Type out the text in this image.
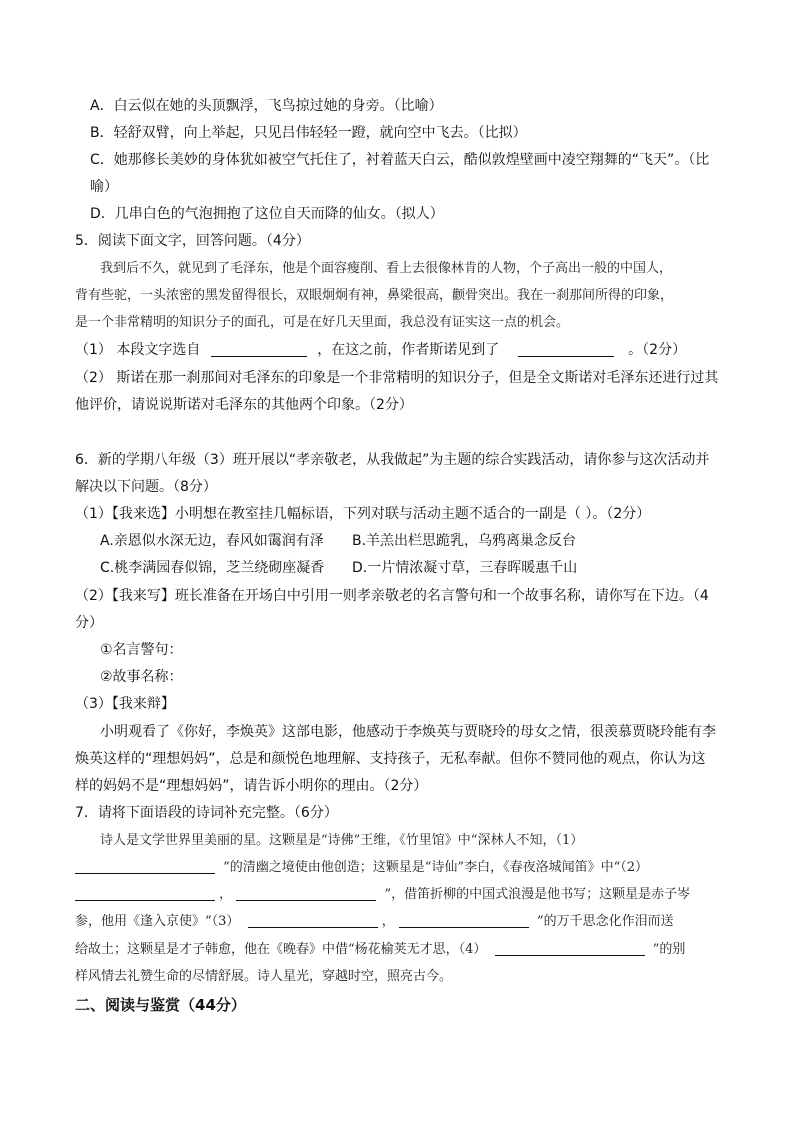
A．白云似在她的头顶飘浮，飞鸟掠过她的身旁。（比喻）
B．轻舒双臂，向上举起，只见吕伟轻轻一蹬，就向空中飞去。（比拟）
C．她那修长美妙的身体犹如被空气托住了，衬着蓝天白云，酷似敦煌壁画中凌空翔舞的“飞天”。（比
喻）
D．几串白色的气泡拥抱了这位自天而降的仙女。（拟人）
5．阅读下面文字，回答问题。（4分）
我到后不久，就见到了毛泽东，他是个面容瘦削、看上去很像林肯的人物，个子高出一般的中国人，
背有些驼，一头浓密的黑发留得很长，双眼炯炯有神，鼻梁很高，颧骨突出。我在一刹那间所得的印象，
是一个非常精明的知识分子的面孔，可是在好几天里面，我总没有证实这一点的机会。
（1） 本段文字选自	，在这之前，作者斯诺见到了	。（2分）
（2） 斯诺在那一刹那间对毛泽东的印象是一个非常精明的知识分子，但是全文斯诺对毛泽东还进行过其
他评价，请说说斯诺对毛泽东的其他两个印象。（2分）
6．新的学期八年级（3）班开展以“孝亲敬老，从我做起”为主题的综合实践活动，请你参与这次活动并
解决以下问题。（8分）
（1）【我来选】小明想在教室挂几幅标语，下列对联与活动主题不适合的一副是（ ）。（2分）
A.亲恩似水深无边，春风如霭润有泽 B.羊羔出栏思跪乳，乌鸦离巢念反台
C.桃李满园春似锦，芝兰绕砌座凝香 D.一片情浓凝寸草，三春晖暖惠千山
（2）【我来写】班长准备在开场白中引用一则孝亲敬老的名言警句和一个故事名称，请你写在下边。（4
分）
①名言警句：
②故事名称：
（3）【我来辩】
小明观看了《你好，李焕英》这部电影，他感动于李焕英与贾晓玲的母女之情，很羡慕贾晓玲能有李
焕英这样的“理想妈妈”，总是和颜悦色地理解、支持孩子，无私奉献。但你不赞同他的观点，你认为这
样的妈妈不是“理想妈妈”，请告诉小明你的理由。（2分）
7．请将下面语段的诗词补充完整。（6分）
诗人是文学世界里美丽的星。这颗星是“诗佛”王维，《竹里馆》中“深林人不知，（1）
”的清幽之境使由他创造；这颗星是“诗仙”李白，《春夜洛城闻笛》中“（2）
，	”，借笛折柳的中国式浪漫是他书写；这颗星是赤子岑
参，他用《逢入京使》“（3）	，	”的万千思念化作泪而送
给故土；这颗星是才子韩愈，他在《晚春》中借“杨花榆荚无才思，（4）	”的别
样风情去礼赞生命的尽情舒展。诗人星光，穿越时空，照亮古今。
二、阅读与鉴赏（44分）
